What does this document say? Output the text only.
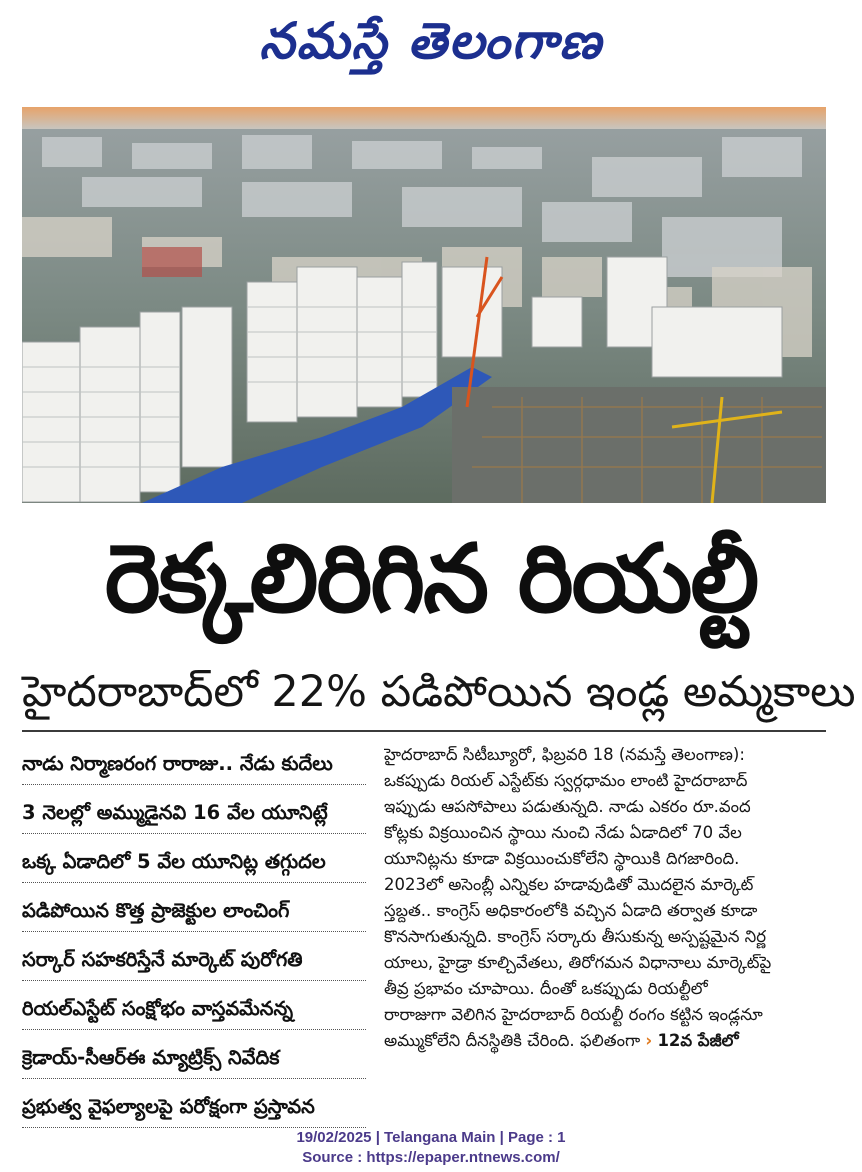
నమస్తే తెలంగాణ
రెక్కలిరిగిన రియల్టీ
హైదరాబాద్‌లో 22% పడిపోయిన ఇండ్ల అమ్మకాలు
నాడు నిర్మాణరంగ రారాజు.. నేడు కుదేలు
3 నెలల్లో అమ్ముడైనవి 16 వేల యూనిట్లే
ఒక్క ఏడాదిలో 5 వేల యూనిట్ల తగ్గుదల
పడిపోయిన కొత్త ప్రాజెక్టుల లాంచింగ్
సర్కార్ సహకరిస్తేనే మార్కెట్ పురోగతి
రియల్ఎస్టేట్ సంక్షోభం వాస్తవమేనన్న
క్రెడాయ్-సీఆర్ఈ మ్యాట్రిక్స్ నివేదిక
ప్రభుత్వ వైఫల్యాలపై పరోక్షంగా ప్రస్తావన
హైదరాబాద్ సిటీబ్యూరో, ఫిబ్రవరి 18 (నమస్తే తెలంగాణ):
ఒకప్పుడు రియల్ ఎస్టేట్‌కు స్వర్గధామం లాంటి హైదరాబాద్
ఇప్పుడు ఆపసోపాలు పడుతున్నది. నాడు ఎకరం రూ.వంద
కోట్లకు విక్రయించిన స్థాయి నుంచి నేడు ఏడాదిలో 70 వేల
యూనిట్లను కూడా విక్రయించుకోలేని స్థాయికి దిగజారింది.
2023లో అసెంబ్లీ ఎన్నికల హడావుడితో మొదలైన మార్కెట్
స్తబ్దత.. కాంగ్రెస్ అధికారంలోకి వచ్చిన ఏడాది తర్వాత కూడా
కొనసాగుతున్నది. కాంగ్రెస్ సర్కారు తీసుకున్న అస్పష్టమైన నిర్ణ
యాలు, హైడ్రా కూల్చివేతలు, తిరోగమన విధానాలు మార్కెట్‌పై
తీవ్ర ప్రభావం చూపాయి. దీంతో ఒకప్పుడు రియల్టీలో
రారాజుగా వెలిగిన హైదరాబాద్ రియల్టీ రంగం కట్టిన ఇండ్లనూ
అమ్ముకోలేని దీనస్థితికి చేరింది. ఫలితంగా › 12వ పేజీలో
19/02/2025 | Telangana Main | Page : 1
Source : https://epaper.ntnews.com/
